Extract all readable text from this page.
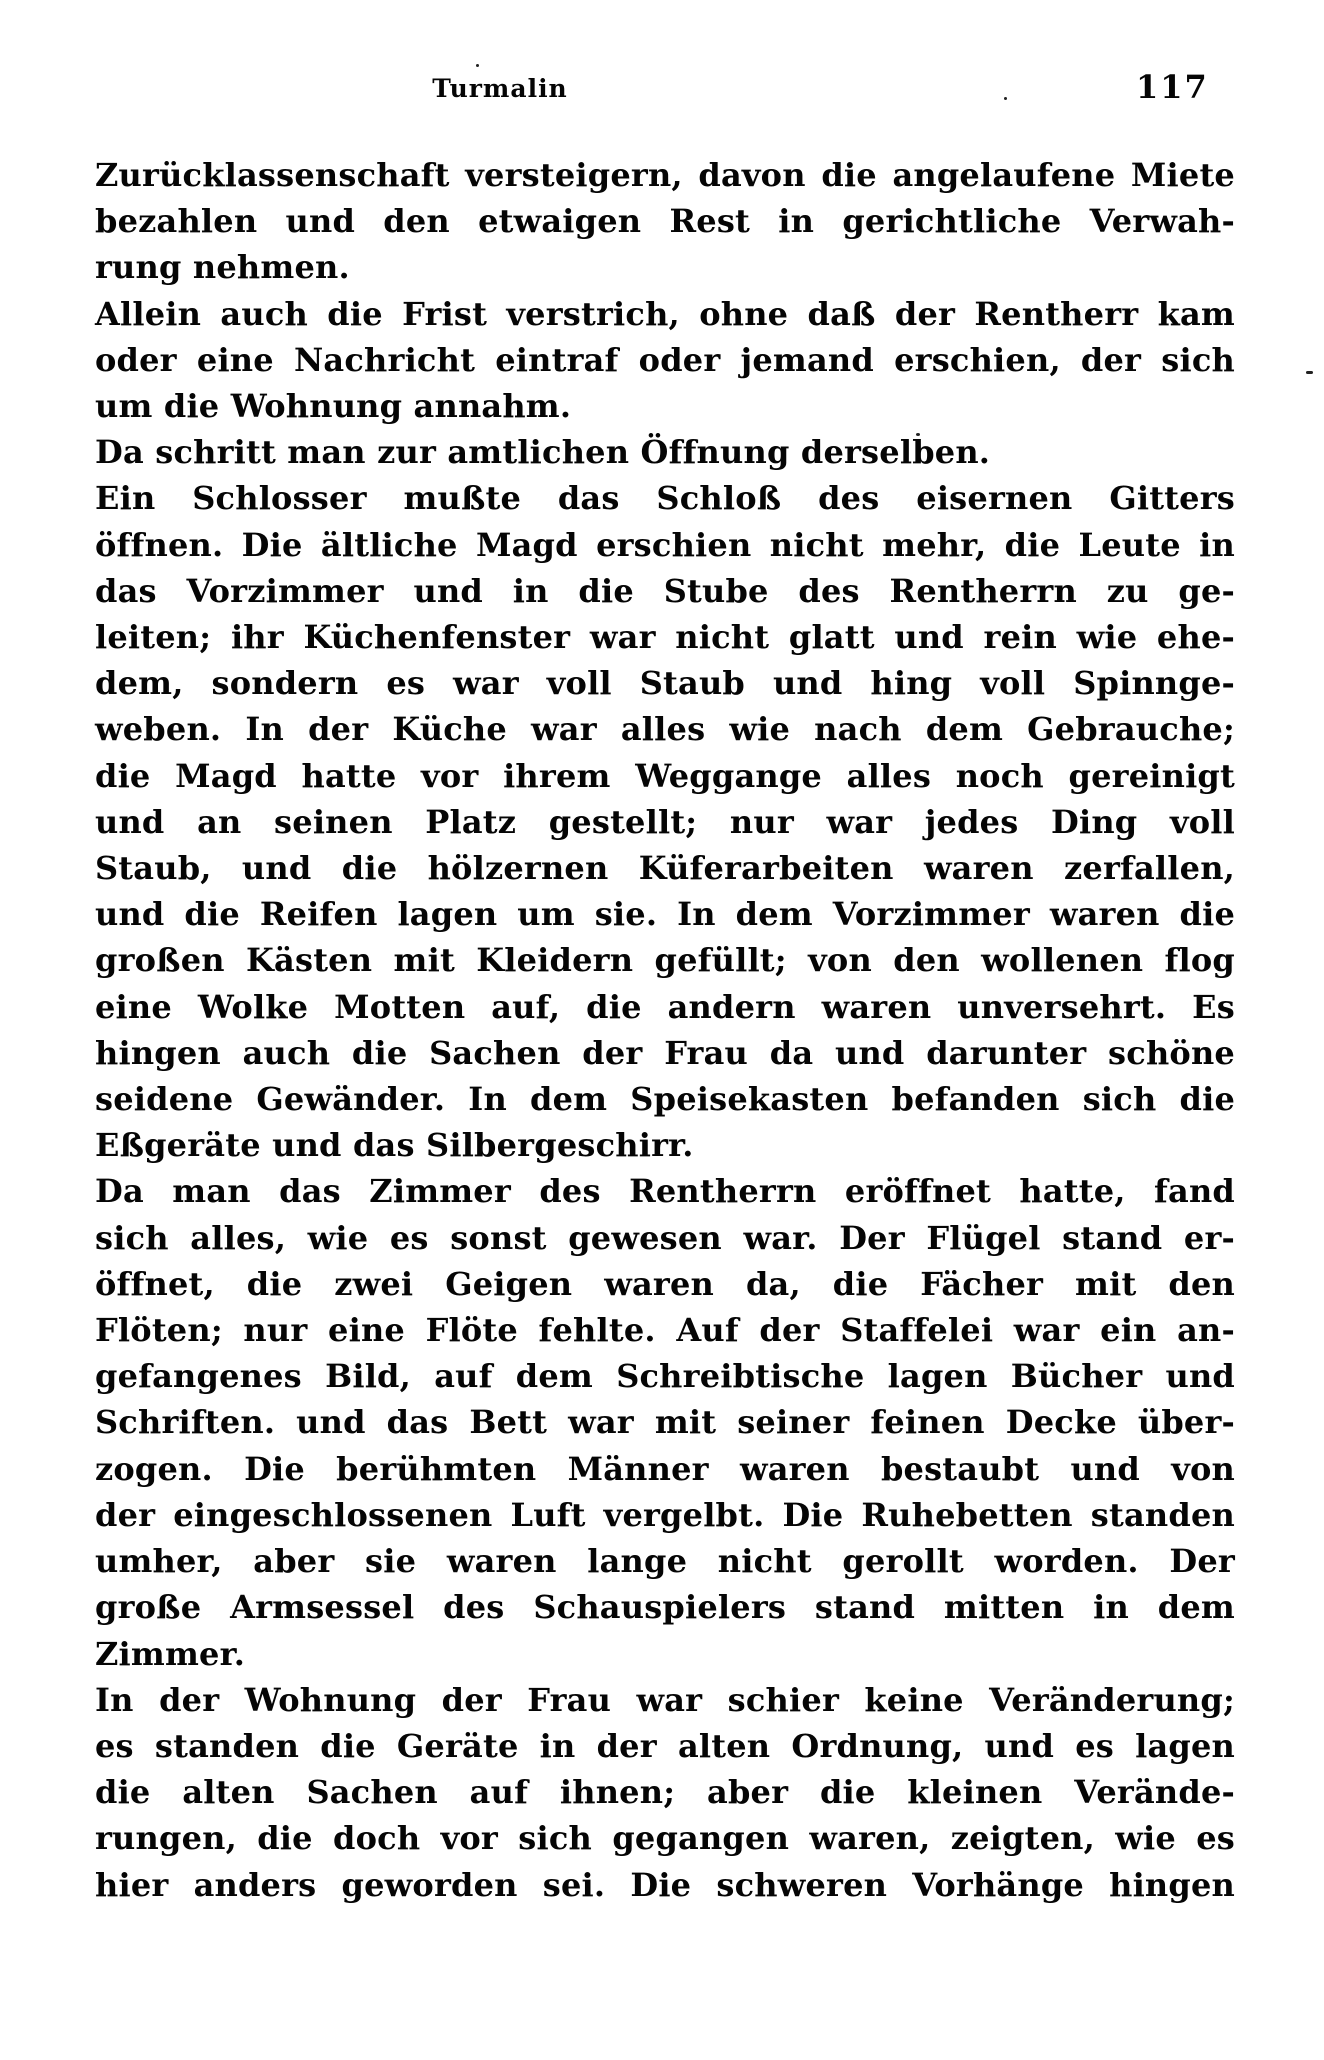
Turmalin	117
Zurücklassenschaft versteigern, davon die angelaufene Miete
bezahlen und den etwaigen Rest in gerichtliche Verwah-
rung nehmen.
Allein auch die Frist verstrich, ohne daß der Rentherr kam
oder eine Nachricht eintraf oder jemand erschien, der sich
um die Wohnung annahm.
Da schritt man zur amtlichen Öffnung derselben.
Ein Schlosser mußte das Schloß des eisernen Gitters
öffnen. Die ältliche Magd erschien nicht mehr, die Leute in
das Vorzimmer und in die Stube des Rentherrn zu ge-
leiten; ihr Küchenfenster war nicht glatt und rein wie ehe-
dem, sondern es war voll Staub und hing voll Spinnge-
weben. In der Küche war alles wie nach dem Gebrauche;
die Magd hatte vor ihrem Weggange alles noch gereinigt
und an seinen Platz gestellt; nur war jedes Ding voll
Staub, und die hölzernen Küferarbeiten waren zerfallen,
und die Reifen lagen um sie. In dem Vorzimmer waren die
großen Kästen mit Kleidern gefüllt; von den wollenen flog
eine Wolke Motten auf, die andern waren unversehrt. Es
hingen auch die Sachen der Frau da und darunter schöne
seidene Gewänder. In dem Speisekasten befanden sich die
Eßgeräte und das Silbergeschirr.
Da man das Zimmer des Rentherrn eröffnet hatte, fand
sich alles, wie es sonst gewesen war. Der Flügel stand er-
öffnet, die zwei Geigen waren da, die Fächer mit den
Flöten; nur eine Flöte fehlte. Auf der Staffelei war ein an-
gefangenes Bild, auf dem Schreibtische lagen Bücher und
Schriften. und das Bett war mit seiner feinen Decke über-
zogen. Die berühmten Männer waren bestaubt und von
der eingeschlossenen Luft vergelbt. Die Ruhebetten standen
umher, aber sie waren lange nicht gerollt worden. Der
große Armsessel des Schauspielers stand mitten in dem
Zimmer.
In der Wohnung der Frau war schier keine Veränderung;
es standen die Geräte in der alten Ordnung, und es lagen
die alten Sachen auf ihnen; aber die kleinen Verände-
rungen, die doch vor sich gegangen waren, zeigten, wie es
hier anders geworden sei. Die schweren Vorhänge hingen
